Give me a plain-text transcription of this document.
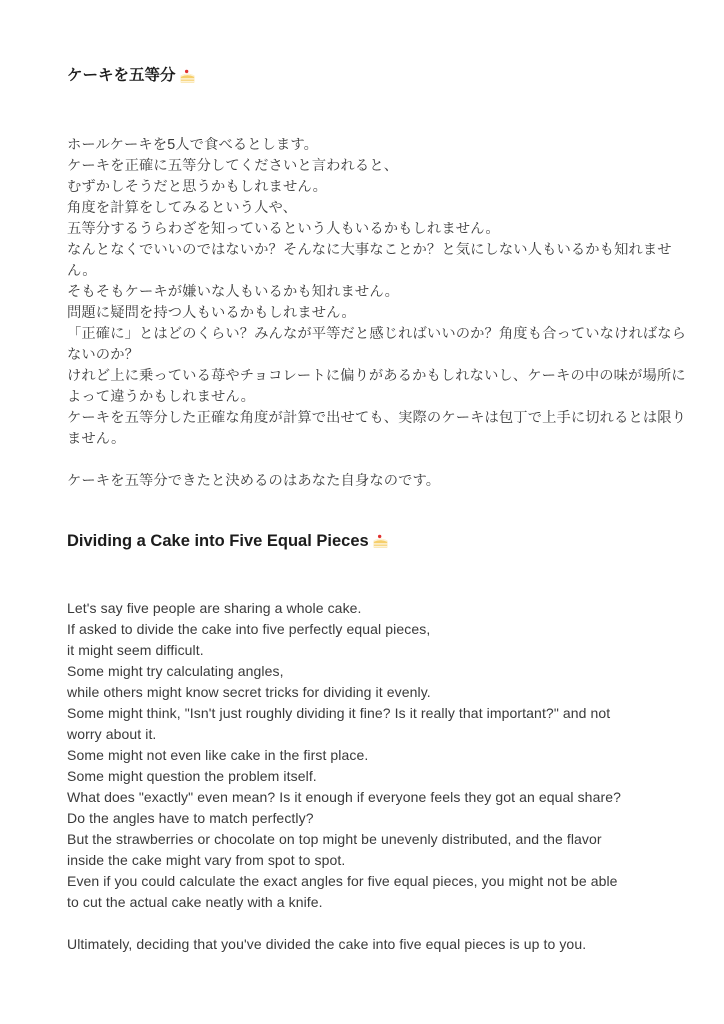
ケーキを五等分
ホールケーキを5人で食べるとします。
ケーキを正確に五等分してくださいと言われると、
むずかしそうだと思うかもしれません。
角度を計算をしてみるという人や、
五等分するうらわざを知っているという人もいるかもしれません。
なんとなくでいいのではないか？そんなに大事なことか？と気にしない人もいるかも知れませ
ん。
そもそもケーキが嫌いな人もいるかも知れません。
問題に疑問を持つ人もいるかもしれません。
「正確に」とはどのくらい？みんなが平等だと感じればいいのか？角度も合っていなければなら
ないのか？
けれど上に乗っている苺やチョコレートに偏りがあるかもしれないし、ケーキの中の味が場所に
よって違うかもしれません。
ケーキを五等分した正確な角度が計算で出せても、実際のケーキは包丁で上手に切れるとは限り
ません。

ケーキを五等分できたと決めるのはあなた自身なのです。
Dividing a Cake into Five Equal Pieces
Let's say five people are sharing a whole cake.
If asked to divide the cake into five perfectly equal pieces,
it might seem difficult.
Some might try calculating angles,
while others might know secret tricks for dividing it evenly.
Some might think, "Isn't just roughly dividing it fine? Is it really that important?" and not
worry about it.
Some might not even like cake in the first place.
Some might question the problem itself.
What does "exactly" even mean? Is it enough if everyone feels they got an equal share?
Do the angles have to match perfectly?
But the strawberries or chocolate on top might be unevenly distributed, and the flavor
inside the cake might vary from spot to spot.
Even if you could calculate the exact angles for five equal pieces, you might not be able
to cut the actual cake neatly with a knife.

Ultimately, deciding that you've divided the cake into five equal pieces is up to you.
